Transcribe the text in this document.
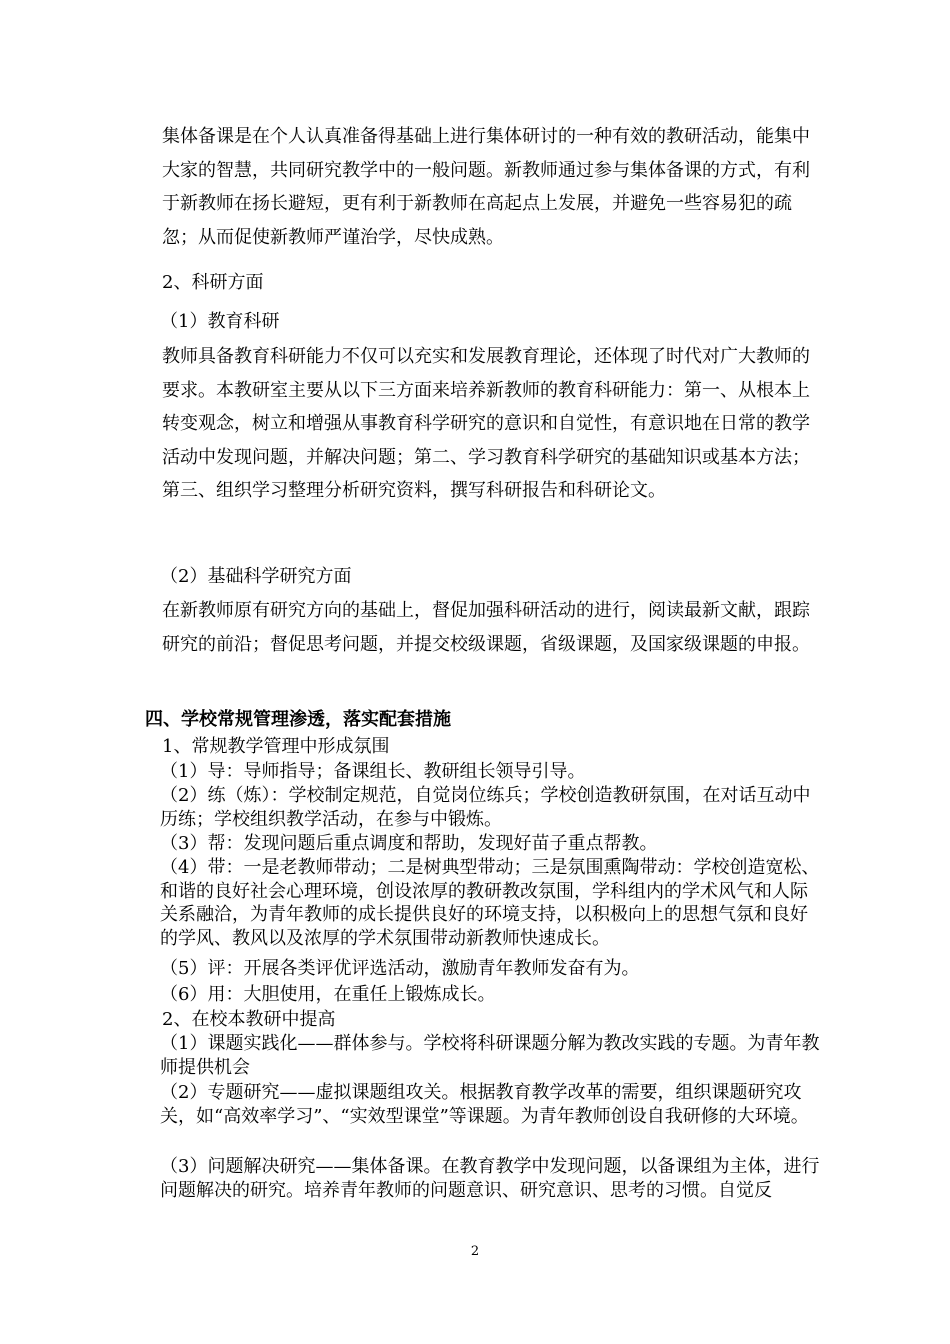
集体备课是在个人认真准备得基础上进行集体研讨的一种有效的教研活动，能集中大家的智慧，共同研究教学中的一般问题。新教师通过参与集体备课的方式，有利于新教师在扬长避短，更有利于新教师在高起点上发展，并避免一些容易犯的疏忽；从而促使新教师严谨治学，尽快成熟。

2、科研方面

（1）教育科研

教师具备教育科研能力不仅可以充实和发展教育理论，还体现了时代对广大教师的要求。本教研室主要从以下三方面来培养新教师的教育科研能力：第一、从根本上转变观念，树立和增强从事教育科学研究的意识和自觉性，有意识地在日常的教学活动中发现问题，并解决问题；第二、学习教育科学研究的基础知识或基本方法；第三、组织学习整理分析研究资料，撰写科研报告和科研论文。

（2）基础科学研究方面

在新教师原有研究方向的基础上，督促加强科研活动的进行，阅读最新文献，跟踪研究的前沿；督促思考问题，并提交校级课题，省级课题，及国家级课题的申报。

四、学校常规管理渗透，落实配套措施

1、常规教学管理中形成氛围

（1）导：导师指导；备课组长、教研组长领导引导。

（2）练（炼）：学校制定规范，自觉岗位练兵；学校创造教研氛围，在对话互动中历练；学校组织教学活动，在参与中锻炼。

（3）帮：发现问题后重点调度和帮助，发现好苗子重点帮教。

（4）带：一是老教师带动；二是树典型带动；三是氛围熏陶带动：学校创造宽松、和谐的良好社会心理环境，创设浓厚的教研教改氛围，学科组内的学术风气和人际关系融洽，为青年教师的成长提供良好的环境支持，以积极向上的思想气氛和良好的学风、教风以及浓厚的学术氛围带动新教师快速成长。

（5）评：开展各类评优评选活动，激励青年教师发奋有为。

（6）用：大胆使用，在重任上锻炼成长。

2、在校本教研中提高

（1）课题实践化——群体参与。学校将科研课题分解为教改实践的专题。为青年教师提供机会

（2）专题研究——虚拟课题组攻关。根据教育教学改革的需要，组织课题研究攻关，如“高效率学习”、“实效型课堂”等课题。为青年教师创设自我研修的大环境。

（3）问题解决研究——集体备课。在教育教学中发现问题，以备课组为主体，进行问题解决的研究。培养青年教师的问题意识、研究意识、思考的习惯。自觉反

2
